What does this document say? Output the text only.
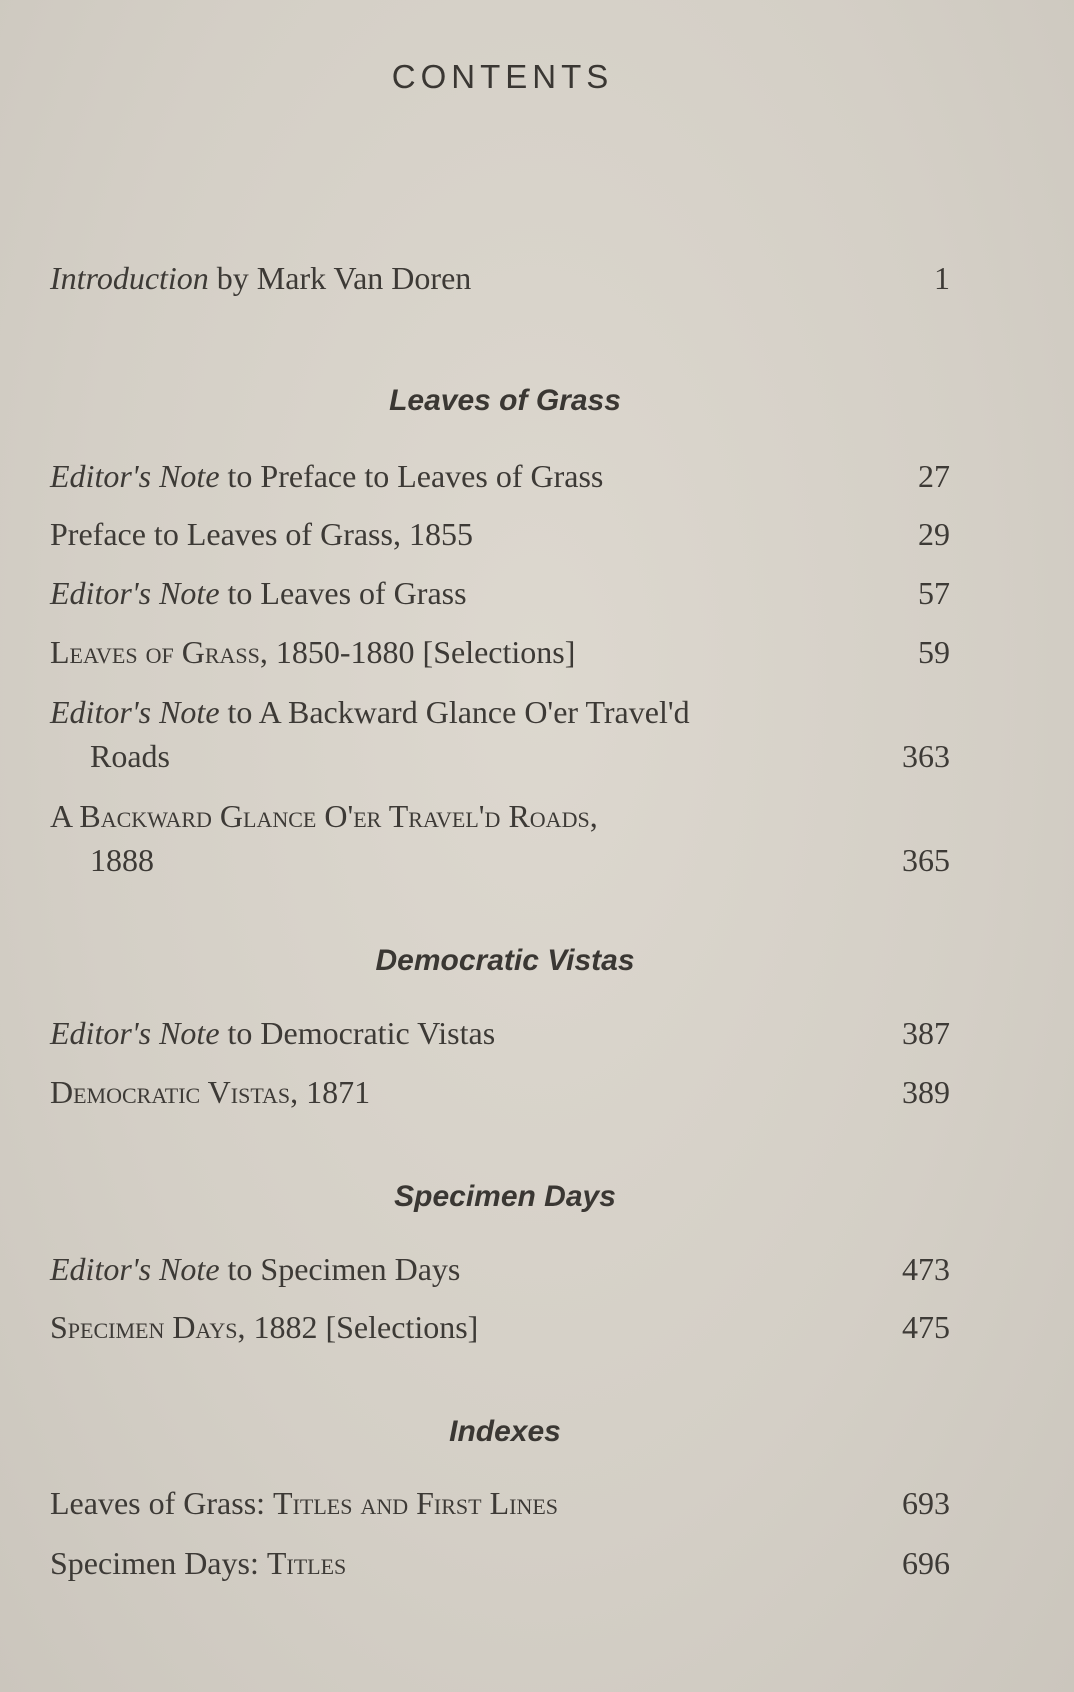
CONTENTS
Introduction by Mark Van Doren	1
Leaves of Grass
Editor's Note to Preface to Leaves of Grass	27
Preface to Leaves of Grass, 1855	29
Editor's Note to Leaves of Grass	57
Leaves of Grass, 1850-1880 [Selections]	59
Editor's Note to A Backward Glance O'er Travel'd
Roads	363
A Backward Glance O'er Travel'd Roads,
1888	365
Democratic Vistas
Editor's Note to Democratic Vistas	387
Democratic Vistas, 1871	389
Specimen Days
Editor's Note to Specimen Days	473
Specimen Days, 1882 [Selections]	475
Indexes
Leaves of Grass: Titles and First Lines	693
Specimen Days: Titles	696
